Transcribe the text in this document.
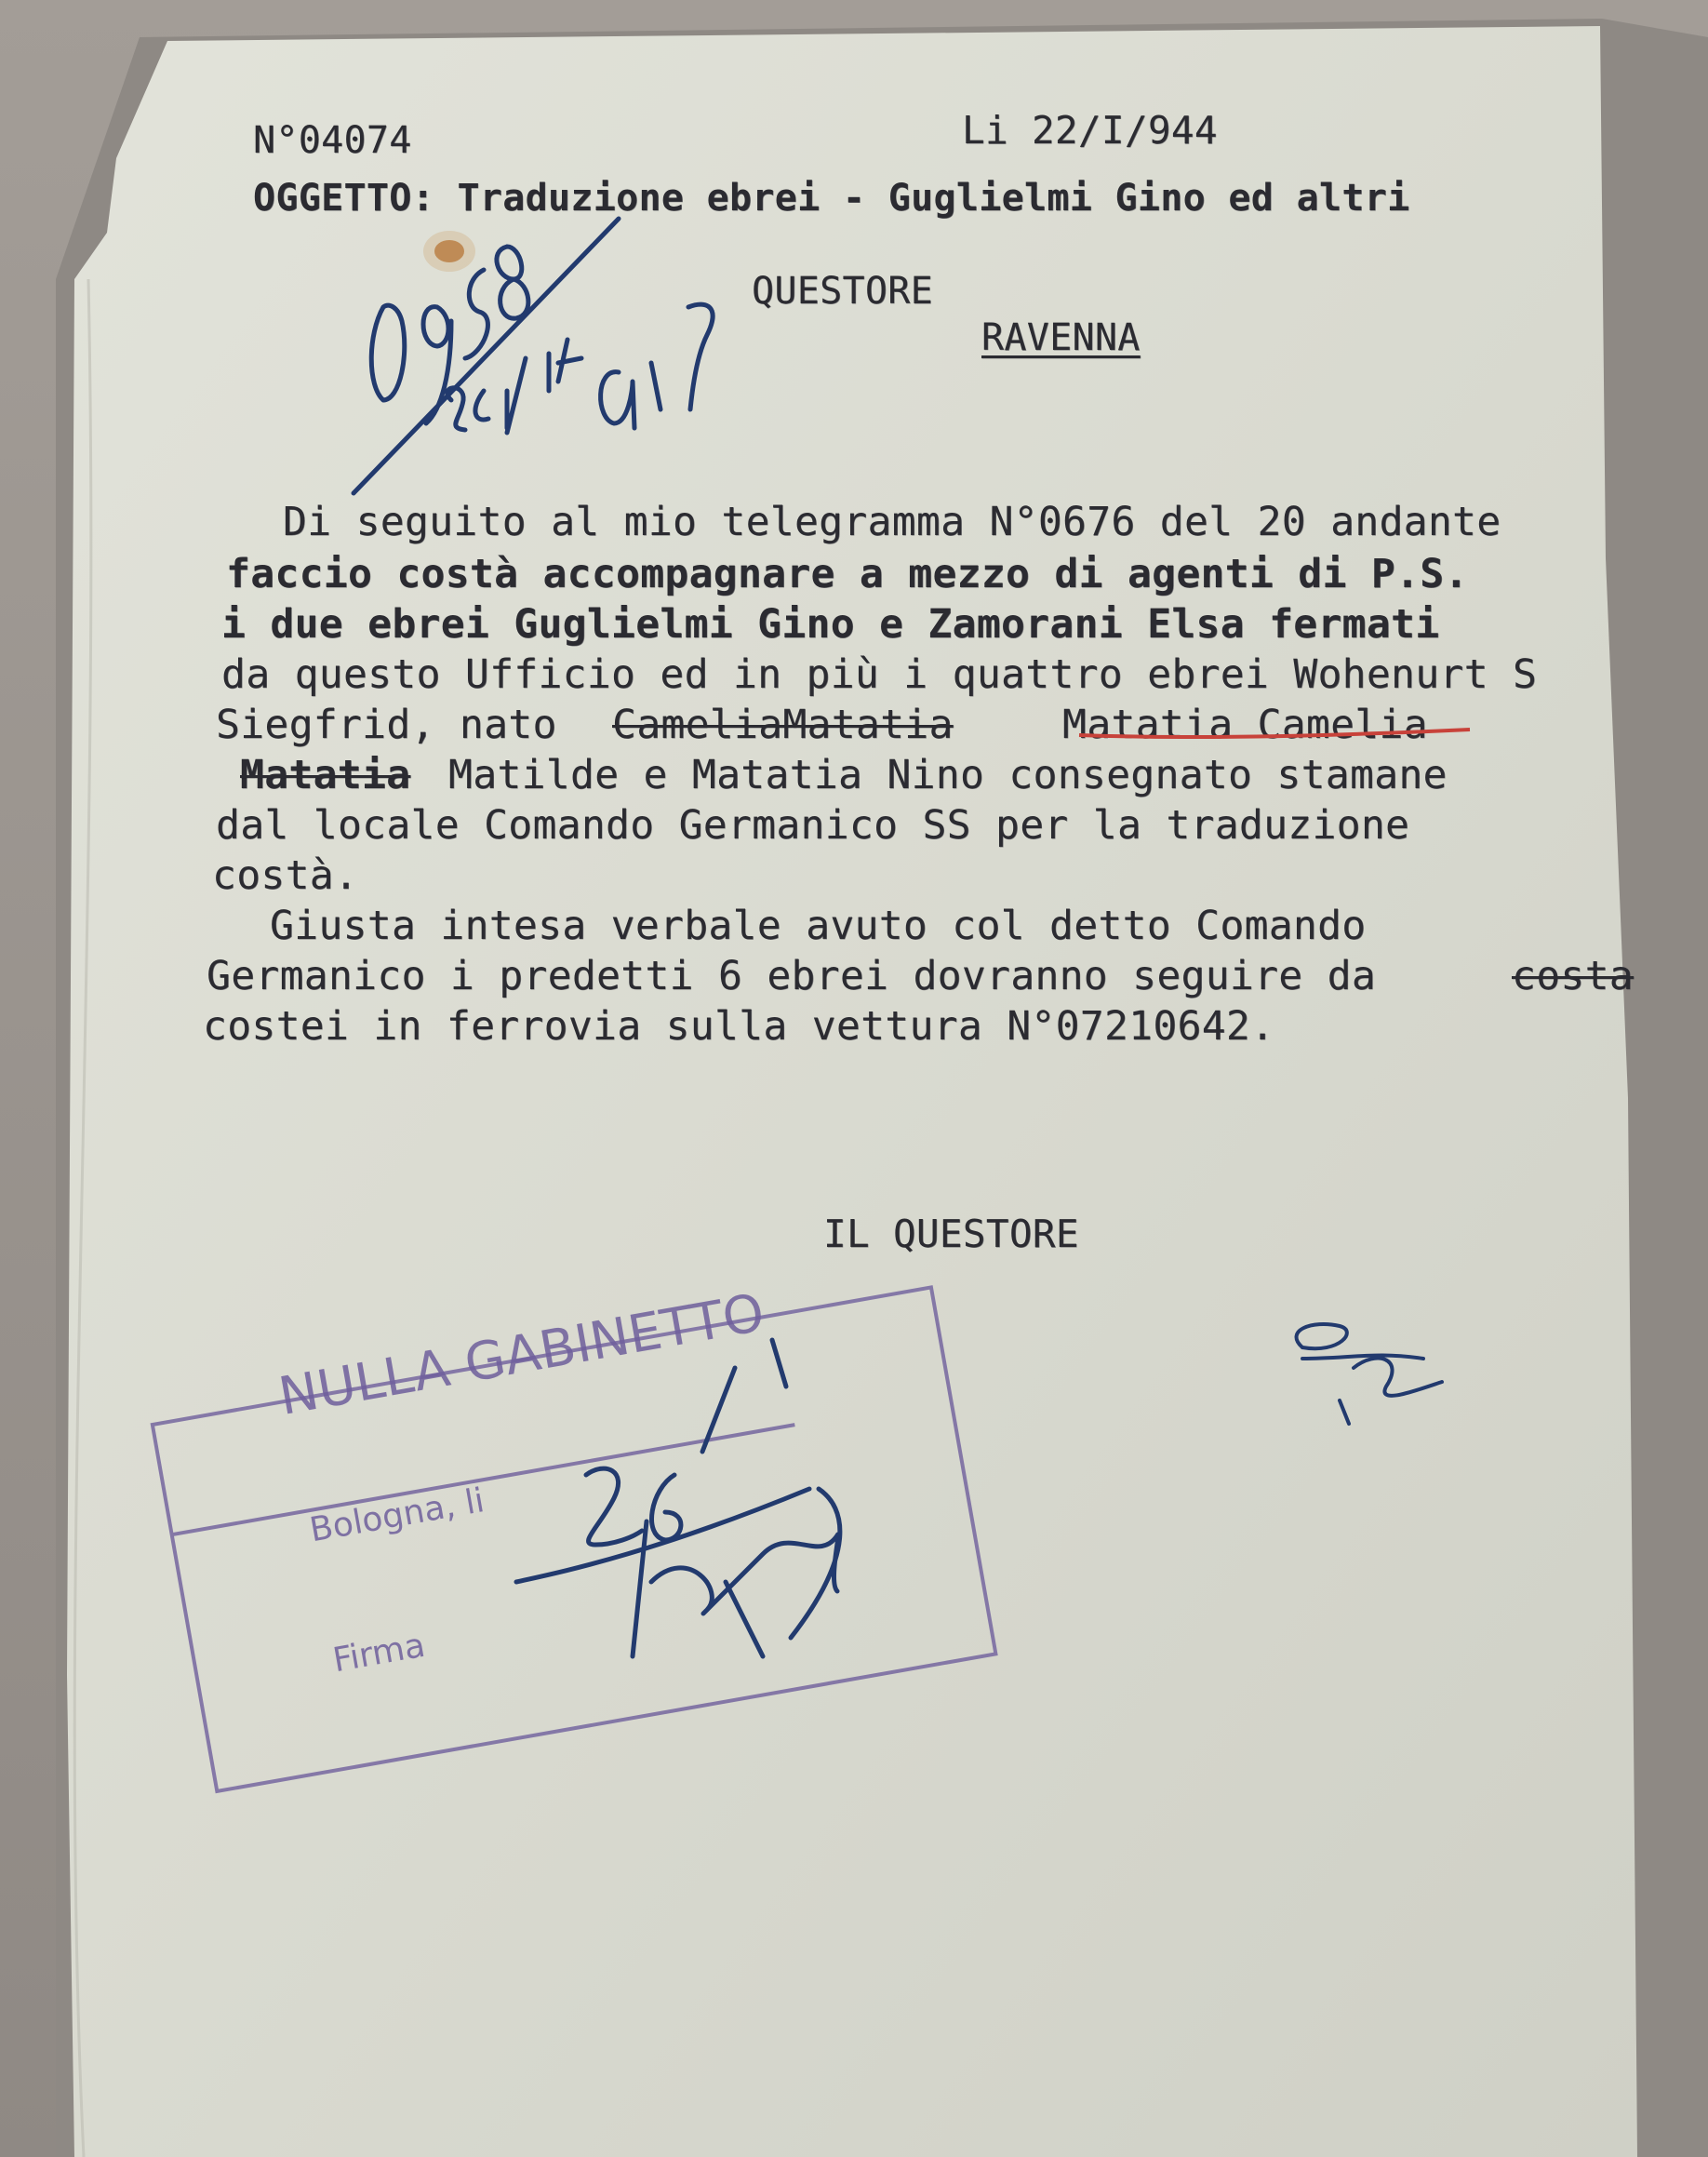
N°04074	Li 22/I/944
OGGETTO: Traduzione ebrei - Guglielmi Gino ed altri
QUESTORE
RAVENNA
Di seguito al mio telegramma N°0676 del 20 andante
faccio costà accompagnare a mezzo di agenti di P.S.
i due ebrei Guglielmi Gino e Zamorani Elsa fermati
da questo Ufficio ed in più i quattro ebrei Wohenurt S
Siegfrid, nato CameliaMatatia	Matatia Camelia
Matatia Matilde e Matatia Nino consegnato stamane
dal locale Comando Germanico SS per la traduzione
costà.
Giusta intesa verbale avuto col detto Comando
Germanico i predetti 6 ebrei dovranno seguire da	costa
costei in ferrovia sulla vettura N°07210642.
IL QUESTORE
NULLA GABINETTO
Bologna, li
Firma
